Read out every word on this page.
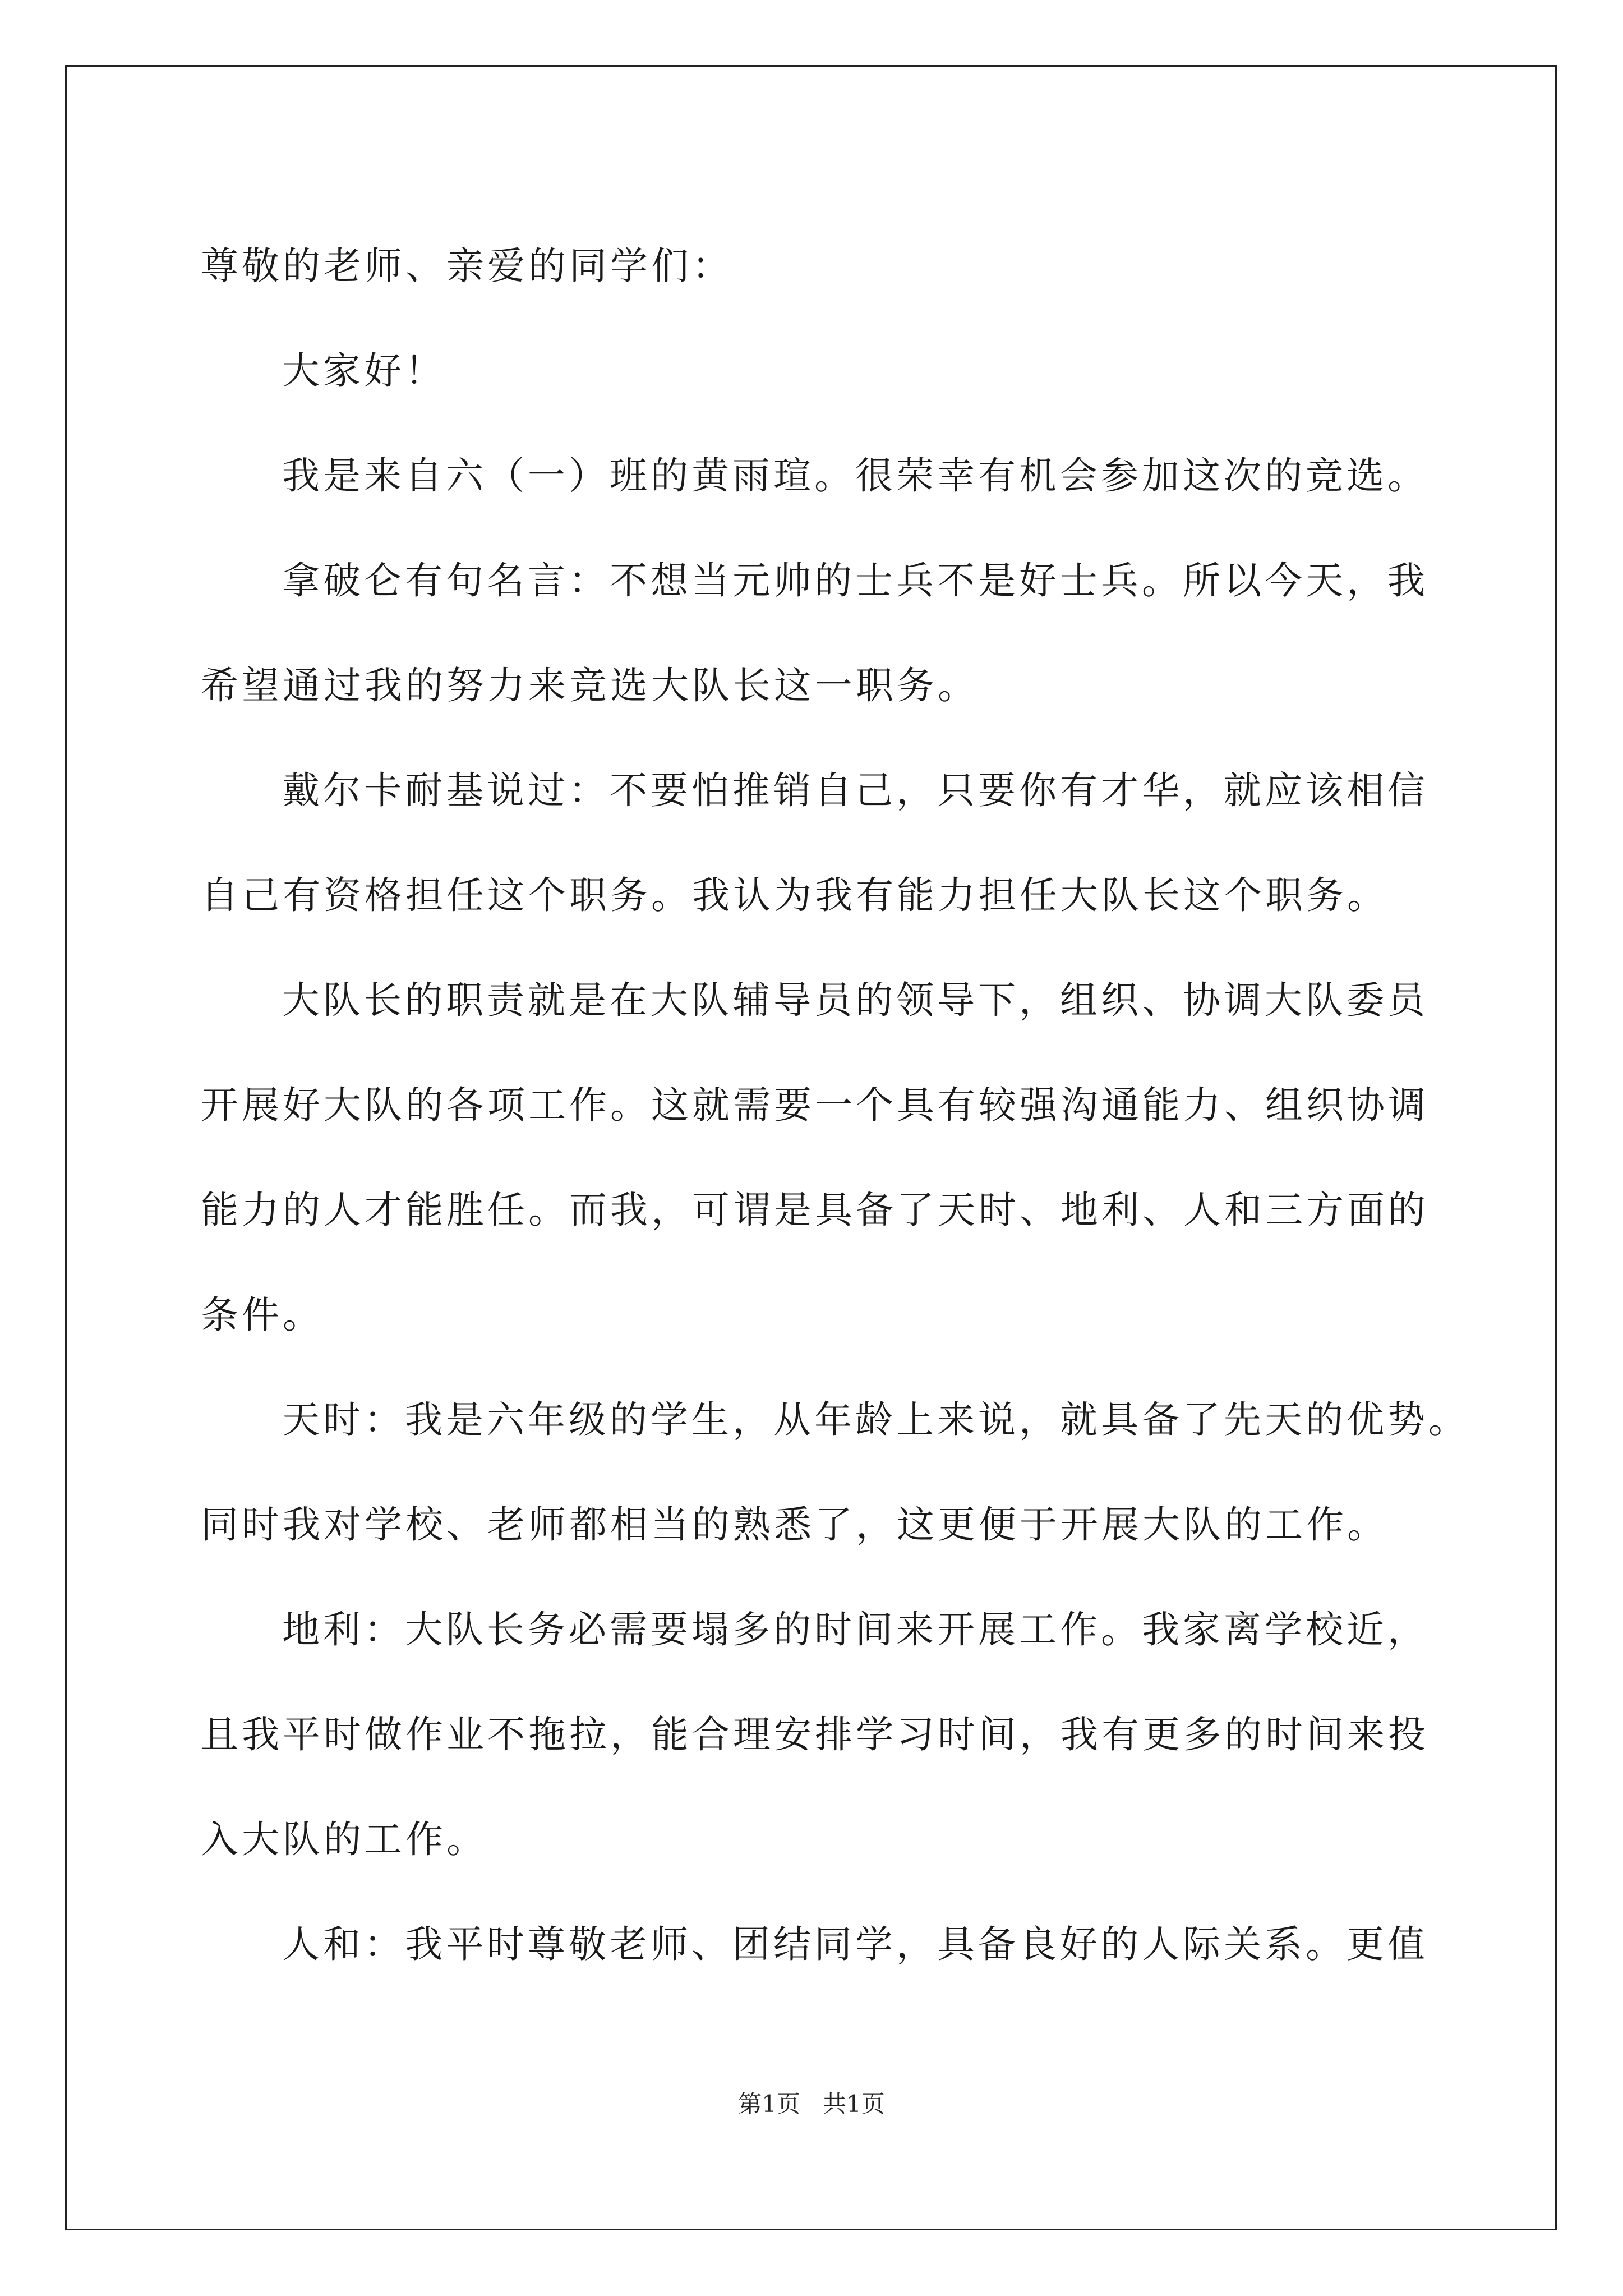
尊敬的老师、亲爱的同学们：

大家好！

我是来自六（一）班的黄雨瑄。很荣幸有机会参加这次的竞选。

拿破仑有句名言：不想当元帅的士兵不是好士兵。所以今天，我

希望通过我的努力来竞选大队长这一职务。

戴尔卡耐基说过：不要怕推销自己，只要你有才华，就应该相信

自己有资格担任这个职务。我认为我有能力担任大队长这个职务。

大队长的职责就是在大队辅导员的领导下，组织、协调大队委员

开展好大队的各项工作。这就需要一个具有较强沟通能力、组织协调

能力的人才能胜任。而我，可谓是具备了天时、地利、人和三方面的

条件。

天时：我是六年级的学生，从年龄上来说，就具备了先天的优势。

同时我对学校、老师都相当的熟悉了，这更便于开展大队的工作。

地利：大队长务必需要塌多的时间来开展工作。我家离学校近，

且我平时做作业不拖拉，能合理安排学习时间，我有更多的时间来投

入大队的工作。

人和：我平时尊敬老师、团结同学，具备良好的人际关系。更值

第1页   共1页
